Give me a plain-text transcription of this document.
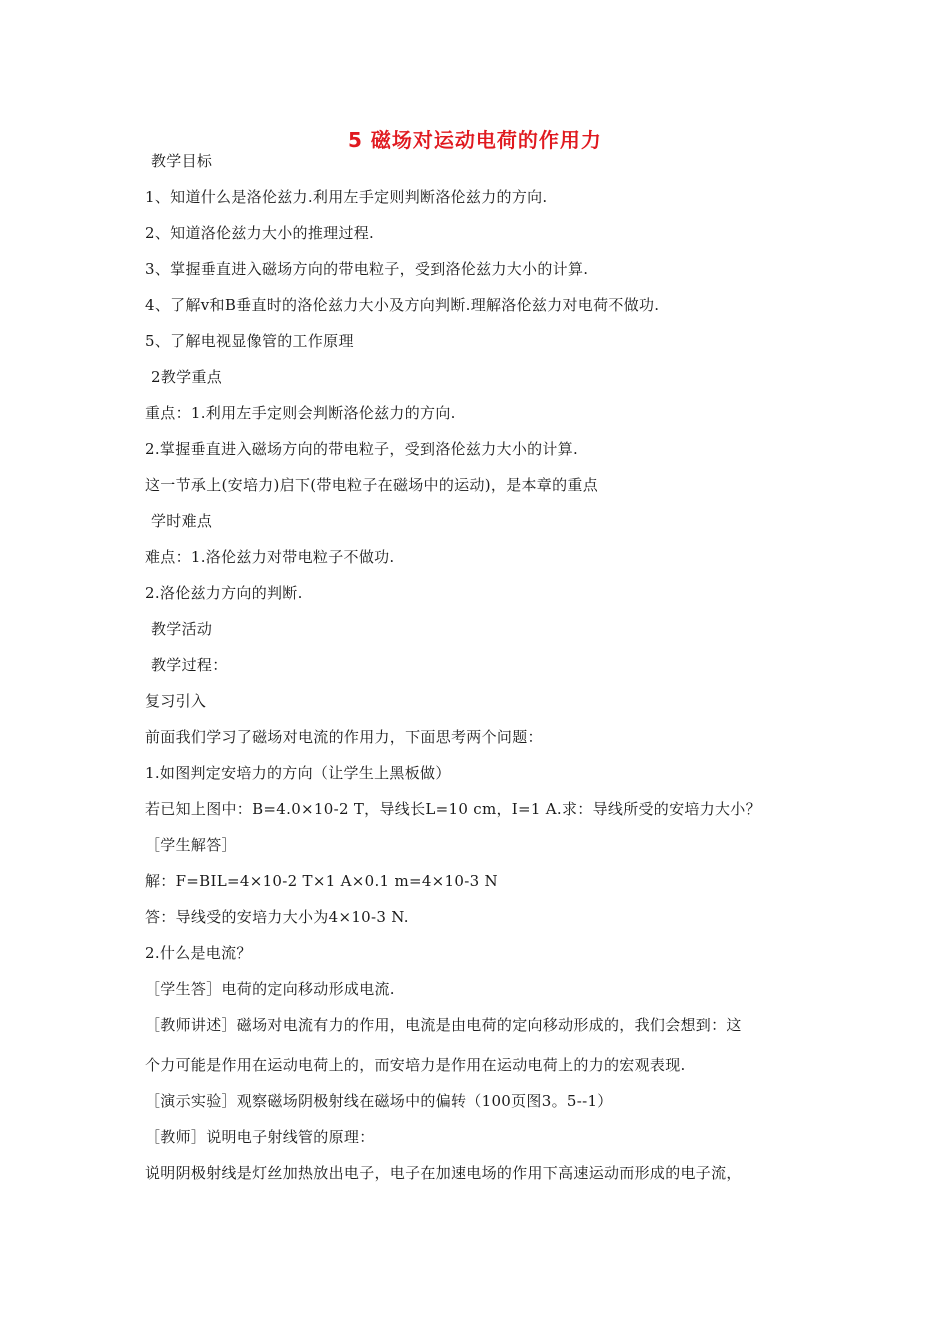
5 磁场对运动电荷的作用力
教学目标
1、知道什么是洛伦兹力.利用左手定则判断洛伦兹力的方向.
2、知道洛伦兹力大小的推理过程.
3、掌握垂直进入磁场方向的带电粒子，受到洛伦兹力大小的计算.
4、了解v和B垂直时的洛伦兹力大小及方向判断.理解洛伦兹力对电荷不做功.
5、了解电视显像管的工作原理
2教学重点
重点：1.利用左手定则会判断洛伦兹力的方向.
2.掌握垂直进入磁场方向的带电粒子，受到洛伦兹力大小的计算.
这一节承上(安培力)启下(带电粒子在磁场中的运动)，是本章的重点
学时难点
难点：1.洛伦兹力对带电粒子不做功.
2.洛伦兹力方向的判断.
教学活动
教学过程：
复习引入
前面我们学习了磁场对电流的作用力，下面思考两个问题：
1.如图判定安培力的方向（让学生上黑板做）
若已知上图中：B=4.0×10-2 T，导线长L=10 cm，I=1 A.求：导线所受的安培力大小？
［学生解答］
解：F=BIL=4×10-2 T×1 A×0.1 m=4×10-3 N
答：导线受的安培力大小为4×10-3 N.
2.什么是电流？
［学生答］电荷的定向移动形成电流.
［教师讲述］磁场对电流有力的作用，电流是由电荷的定向移动形成的，我们会想到：这
个力可能是作用在运动电荷上的，而安培力是作用在运动电荷上的力的宏观表现.
［演示实验］观察磁场阴极射线在磁场中的偏转（100页图3。5--1）
［教师］说明电子射线管的原理：
说明阴极射线是灯丝加热放出电子，电子在加速电场的作用下高速运动而形成的电子流，
